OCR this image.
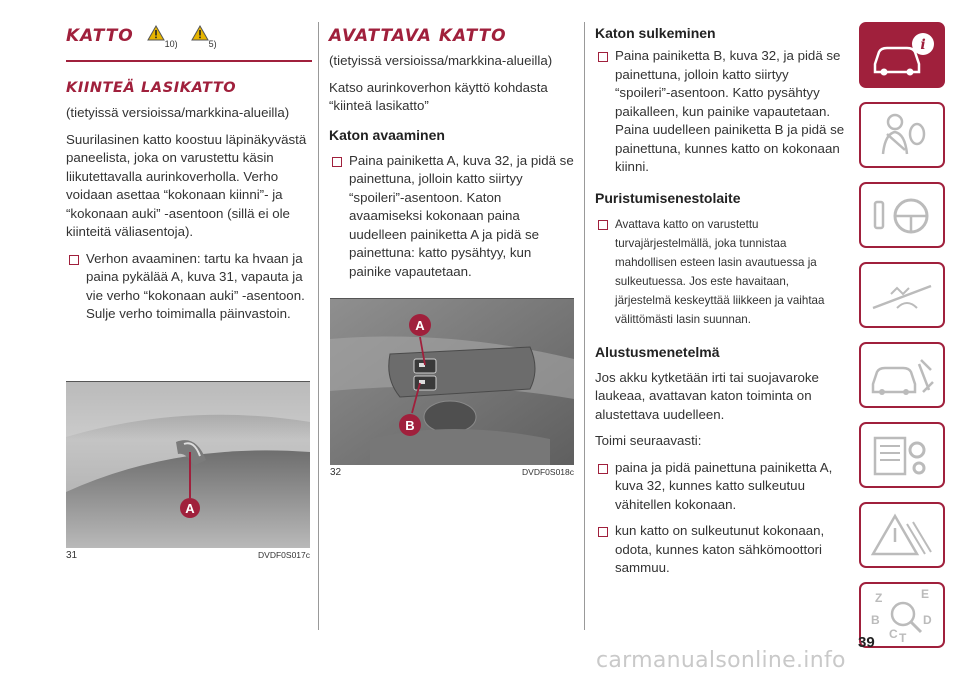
KATTO	$_{10)}$	$_{5)}$
KIINTEÄ LASIKATTO

(tietyissä versioissa/markkina-alueilla)

Suurilasinen katto koostuu läpinäkyvästä paneelista, joka on varustettu käsin liikutettavalla aurinkoverholla. Verho voidaan asettaa “kokonaan kiinni”- ja “kokonaan auki” -asentoon (sillä ei ole kiinteitä väliasentoja).

Verhon avaaminen: tartu ka hvaan ja paina pykälää A, kuva 31, vapauta ja vie verho “kokonaan auki” -asentoon. Sulje verho toimimalla päinvastoin.
A
31	DVDF0S017c
AVATTAVA KATTO

(tietyissä versioissa/markkina-alueilla)

Katso aurinkoverhon käyttö kohdasta “kiinteä lasikatto”

Katon avaaminen
Paina painiketta A, kuva 32, ja pidä se painettuna, jolloin katto siirtyy “spoileri”-asentoon. Katon avaamiseksi kokonaan paina uudelleen painiketta A ja pidä se painettuna: katto pysähtyy, kun painike vapautetaan.
A
B
32	DVDF0S018c
Katon sulkeminen
Paina painiketta B, kuva 32, ja pidä se painettuna, jolloin katto siirtyy “spoileri”-asentoon. Katto pysähtyy paikalleen, kun painike vapautetaan. Paina uudelleen painiketta B ja pidä se painettuna, kunnes katto on kokonaan kiinni.
Puristumisenestolaite
Avattava katto on varustettu turvajärjestelmällä, joka tunnistaa mahdollisen esteen lasin avautuessa ja sulkeutuessa. Jos este havaitaan, järjestelmä keskeyttää liikkeen ja vaihtaa välittömästi lasin suunnan.
Alustusmenetelmä

Jos akku kytketään irti tai suojavaroke laukeaa, avattavan katon toiminta on alustettava uudelleen.

Toimi seuraavasti:

paina ja pidä painettuna painiketta A, kuva 32, kunnes katto sulkeutuu vähitellen kokonaan.
kun katto on sulkeutunut kokonaan, odota, kunnes katon sähkömoottori sammuu.
i
Z	E
B
C T
D
39
carmanualsonline.info
